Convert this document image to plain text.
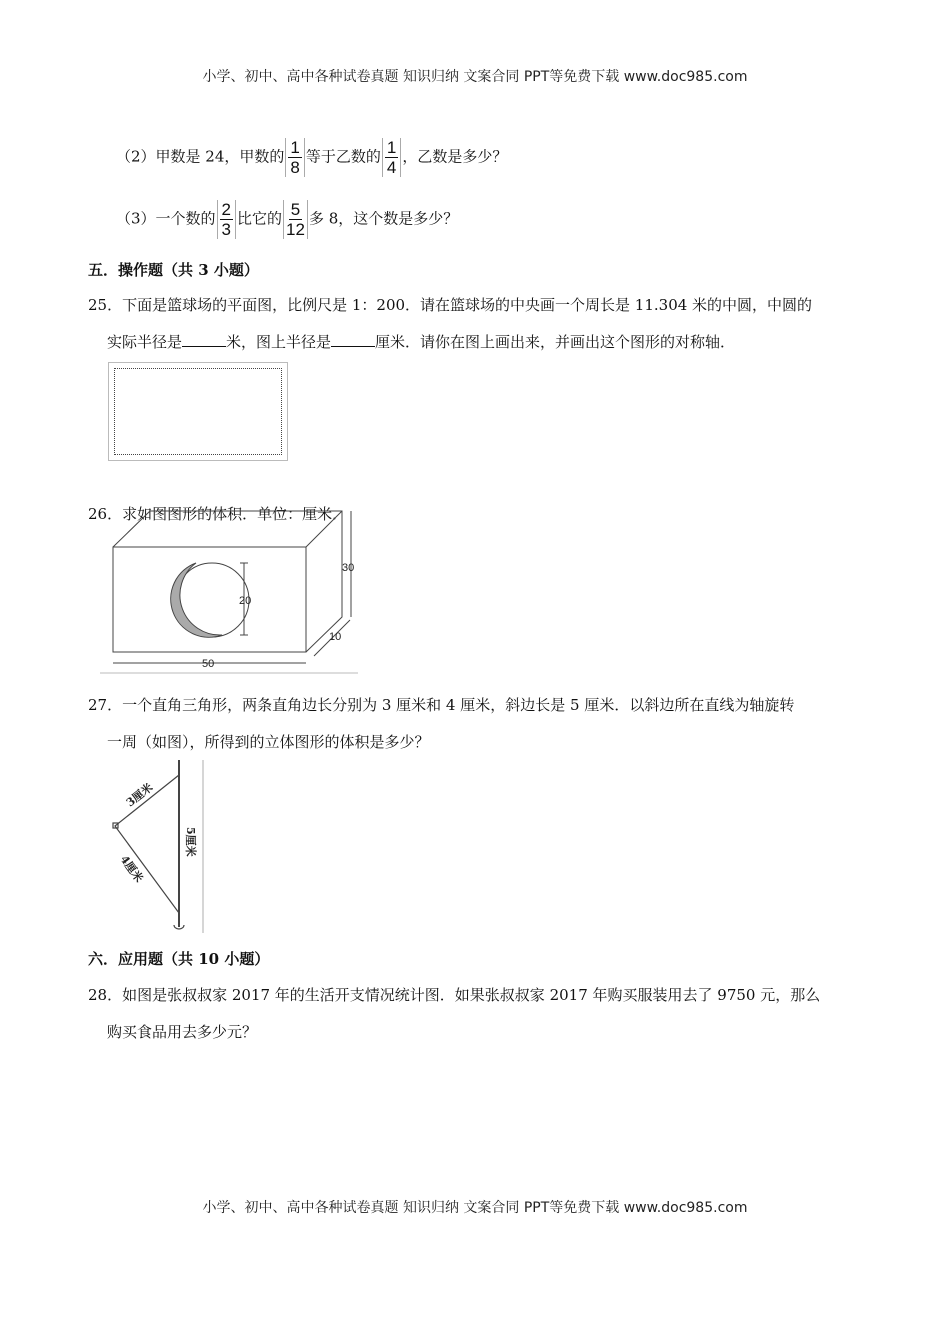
小学、初中、高中各种试卷真题 知识归纳 文案合同 PPT等免费下载 www.doc985.com
（2）甲数是 24，甲数的 $\frac{1}{8}$ 等于乙数的 $\frac{1}{4}$ ，乙数是多少？
（3）一个数的 $\frac{2}{3}$ 比它的 $\frac{5}{12}$ 多 8，这个数是多少？
五．操作题（共 3 小题）
25．下面是篮球场的平面图，比例尺是 1：200．请在篮球场的中央画一个周长是 11.304 米的中圆，中圆的
实际半径是	米，图上半径是	厘米．请你在图上画出来，并画出这个图形的对称轴．
26．求如图图形的体积．单位：厘米．
20
30
10
50
27．一个直角三角形，两条直角边长分别为 3 厘米和 4 厘米，斜边长是 5 厘米．以斜边所在直线为轴旋转
一周（如图），所得到的立体图形的体积是多少？
3厘米
4厘米
5厘米
六．应用题（共 10 小题）
28．如图是张叔叔家 2017 年的生活开支情况统计图．如果张叔叔家 2017 年购买服装用去了 9750 元，那么
购买食品用去多少元？
小学、初中、高中各种试卷真题 知识归纳 文案合同 PPT等免费下载 www.doc985.com
